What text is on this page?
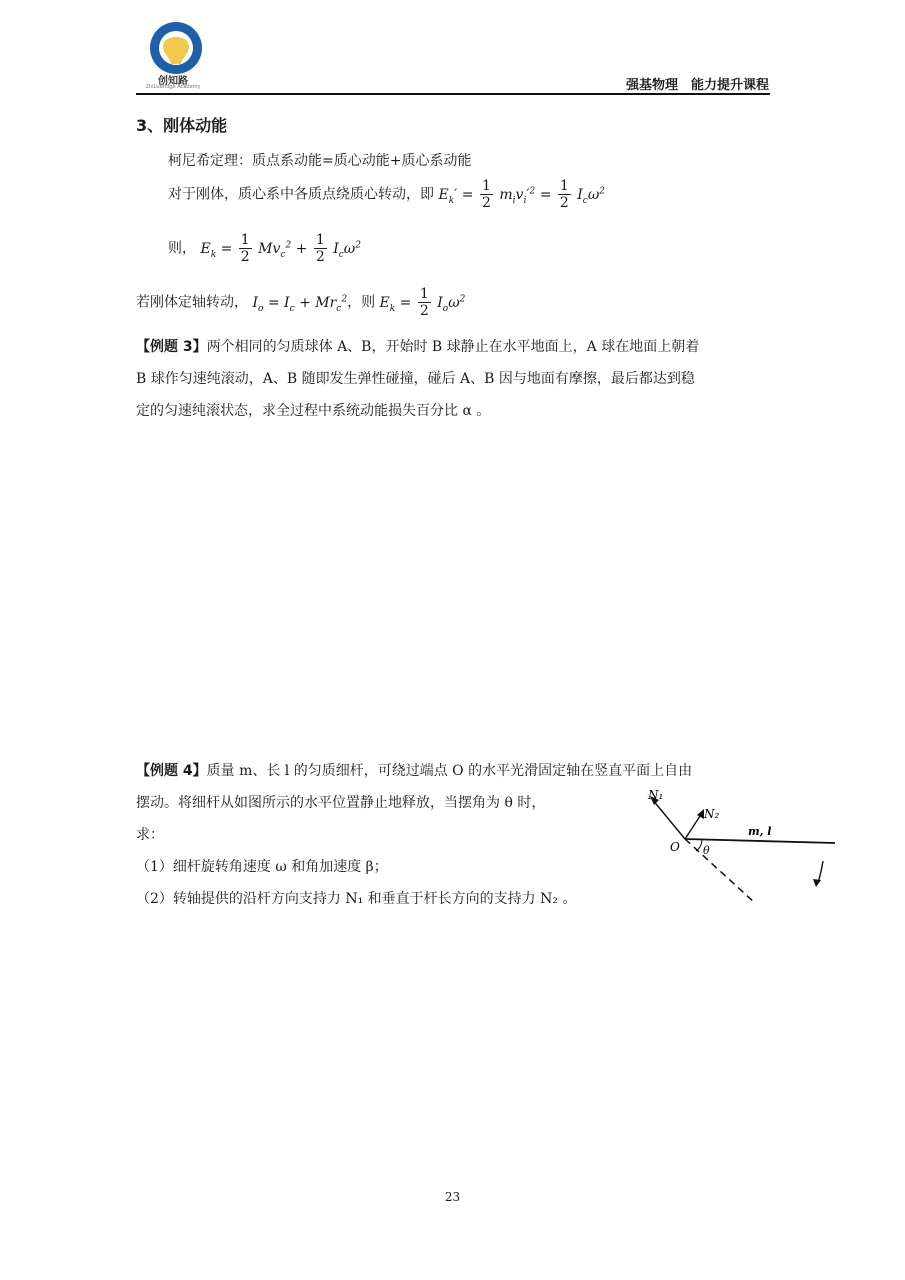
创知路
ZhiLuBridge Academy	强基物理　能力提升课程
3、刚体动能
柯尼希定理：质点系动能=质心动能+质心系动能
对于刚体，质心系中各质点绕质心转动，即 $E_k' = \frac{1}{2} m_iv_i'^2 = \frac{1}{2} I_c\omega^2$
则， $E_k = \frac{1}{2} Mv_c^2 + \frac{1}{2} I_c\omega^2$
若刚体定轴转动， $I_o = I_c + Mr_c^2$，则 $E_k = \frac{1}{2} I_o\omega^2$
【例题 3】两个相同的匀质球体 A、B，开始时 B 球静止在水平地面上，A 球在地面上朝着
B 球作匀速纯滚动，A、B 随即发生弹性碰撞，碰后 A、B 因与地面有摩擦，最后都达到稳
定的匀速纯滚状态，求全过程中系统动能损失百分比 α 。
【例题 4】质量 m、长 l 的匀质细杆，可绕过端点 O 的水平光滑固定轴在竖直平面上自由
摆动。将细杆从如图所示的水平位置静止地释放，当摆角为 θ 时，
求：
（1）细杆旋转角速度 ω 和角加速度 β；
（2）转轴提供的沿杆方向支持力 N₁ 和垂直于杆长方向的支持力 N₂ 。
N₁
N₂
O θ
m, l
23
